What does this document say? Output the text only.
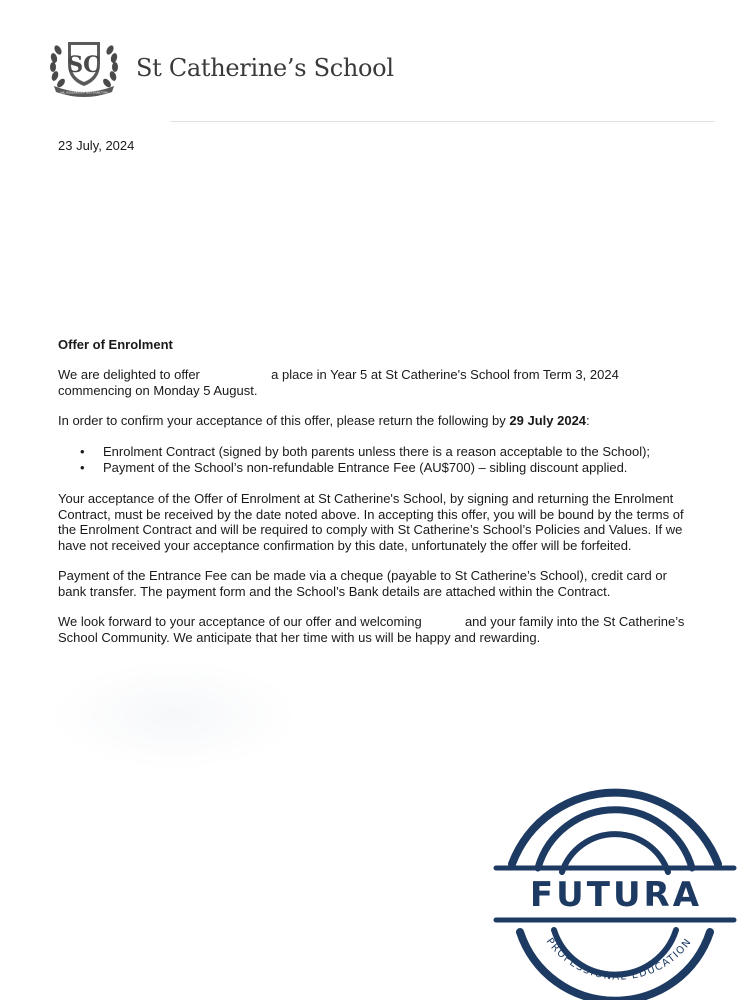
SC
NIL ASSERERUM NISI SANCTUM
St Catherine’s School
23 July, 2024
Offer of Enrolment
We are delighted to offer	a place in Year 5 at St Catherine's School from Term 3, 2024
commencing on Monday 5 August.
In order to confirm your acceptance of this offer, please return the following by 29 July 2024:
• Enrolment Contract (signed by both parents unless there is a reason acceptable to the School);
• Payment of the School’s non-refundable Entrance Fee (AU$700) – sibling discount applied.
Your acceptance of the Offer of Enrolment at St Catherine's School, by signing and returning the Enrolment
Contract, must be received by the date noted above. In accepting this offer, you will be bound by the terms of
the Enrolment Contract and will be required to comply with St Catherine’s School’s Policies and Values. If we
have not received your acceptance confirmation by this date, unfortunately the offer will be forfeited.
Payment of the Entrance Fee can be made via a cheque (payable to St Catherine’s School), credit card or
bank transfer. The payment form and the School’s Bank details are attached within the Contract.
We look forward to your acceptance of our offer and welcoming	and your family into the St Catherine’s
School Community. We anticipate that her time with us will be happy and rewarding.
FUTURA
PROFESSIONAL EDUCATION
